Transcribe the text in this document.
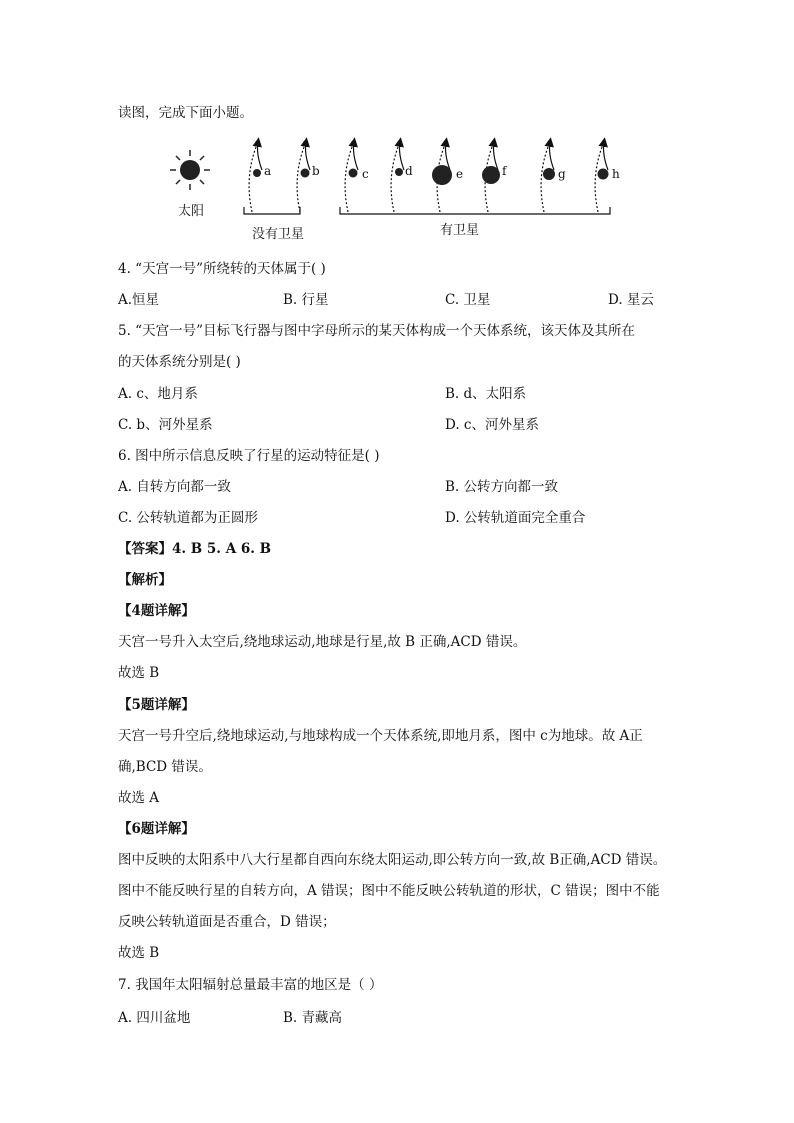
读图，完成下面小题。
太阳
a	b	c	d	e	f	g	h
没有卫星	有卫星
4. “天宫一号”所绕转的天体属于( )
A.恒星	B. 行星	C. 卫星	D. 星云
5. “天宫一号”目标飞行器与图中字母所示的某天体构成一个天体系统，该天体及其所在
的天体系统分别是( )
A. c、地月系	B. d、太阳系
C. b、河外星系	D. c、河外星系
6. 图中所示信息反映了行星的运动特征是( )
A. 自转方向都一致	B. 公转方向都一致
C. 公转轨道都为正圆形	D. 公转轨道面完全重合
【答案】4. B 5. A 6. B
【解析】
【4题详解】
天宫一号升入太空后,绕地球运动,地球是行星,故 B 正确,ACD 错误。
故选 B
【5题详解】
天宫一号升空后,绕地球运动,与地球构成一个天体系统,即地月系，图中 c为地球。故 A正
确,BCD 错误。
故选 A
【6题详解】
图中反映的太阳系中八大行星都自西向东绕太阳运动,即公转方向一致,故 B正确,ACD 错误。
图中不能反映行星的自转方向，A 错误；图中不能反映公转轨道的形状，C 错误；图中不能
反映公转轨道面是否重合，D 错误；
故选 B
7. 我国年太阳辐射总量最丰富的地区是（ ）
A. 四川盆地	B. 青藏高
